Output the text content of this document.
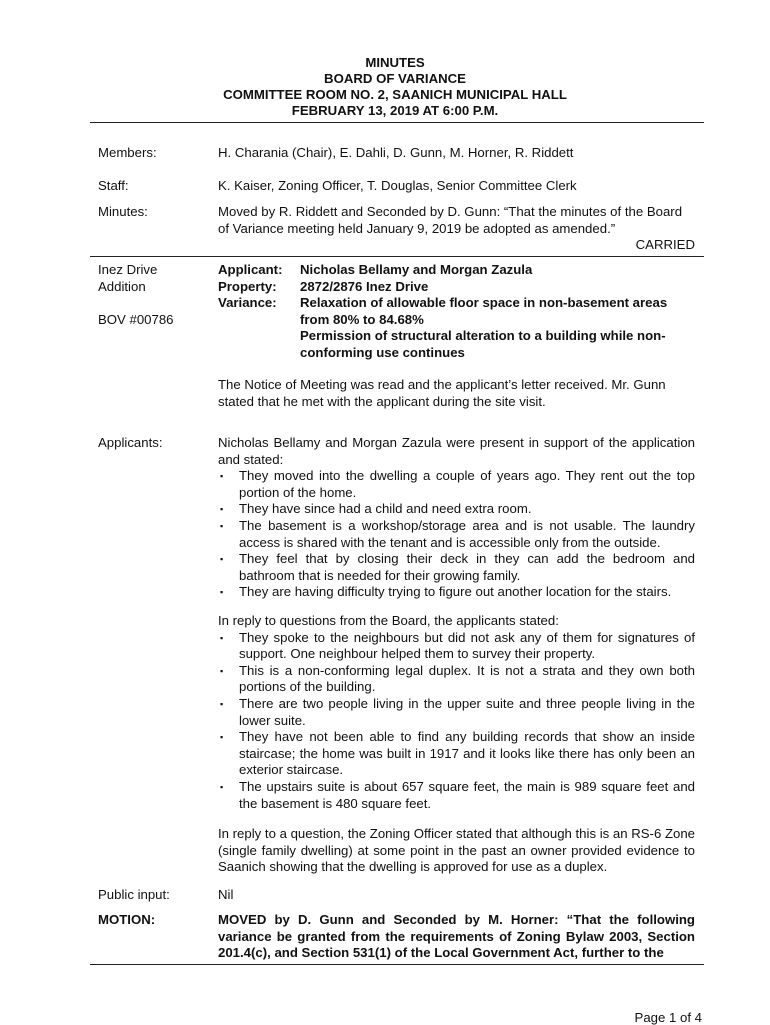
MINUTES
BOARD OF VARIANCE
COMMITTEE ROOM NO. 2, SAANICH MUNICIPAL HALL
FEBRUARY 13, 2019 AT 6:00 P.M.
Members:	H. Charania (Chair), E. Dahli, D. Gunn, M. Horner, R. Riddett
Staff:	K. Kaiser, Zoning Officer, T. Douglas, Senior Committee Clerk
Minutes:	Moved by R. Riddett and Seconded by D. Gunn: “That the minutes of the Board of Variance meeting held January 9, 2019 be adopted as amended.”
CARRIED
Inez Drive
Addition
BOV #00786
Applicant:	Nicholas Bellamy and Morgan Zazula
Property:	2872/2876 Inez Drive
Variance:	Relaxation of allowable floor space in non-basement areas from 80% to 84.68%
Permission of structural alteration to a building while non-conforming use continues
The Notice of Meeting was read and the applicant’s letter received. Mr. Gunn stated that he met with the applicant during the site visit.
Applicants:	Nicholas Bellamy and Morgan Zazula were present in support of the application and stated:
▪ They moved into the dwelling a couple of years ago. They rent out the top portion of the home.
▪ They have since had a child and need extra room.
▪ The basement is a workshop/storage area and is not usable. The laundry access is shared with the tenant and is accessible only from the outside.
▪ They feel that by closing their deck in they can add the bedroom and bathroom that is needed for their growing family.
▪ They are having difficulty trying to figure out another location for the stairs.
In reply to questions from the Board, the applicants stated:
▪ They spoke to the neighbours but did not ask any of them for signatures of support. One neighbour helped them to survey their property.
▪ This is a non-conforming legal duplex. It is not a strata and they own both portions of the building.
▪ There are two people living in the upper suite and three people living in the lower suite.
▪ They have not been able to find any building records that show an inside staircase; the home was built in 1917 and it looks like there has only been an exterior staircase.
▪ The upstairs suite is about 657 square feet, the main is 989 square feet and the basement is 480 square feet.
In reply to a question, the Zoning Officer stated that although this is an RS-6 Zone (single family dwelling) at some point in the past an owner provided evidence to Saanich showing that the dwelling is approved for use as a duplex.
Public input:	Nil
MOTION:	MOVED by D. Gunn and Seconded by M. Horner: “That the following variance be granted from the requirements of Zoning Bylaw 2003, Section 201.4(c), and Section 531(1) of the Local Government Act, further to the
Page 1 of 4
